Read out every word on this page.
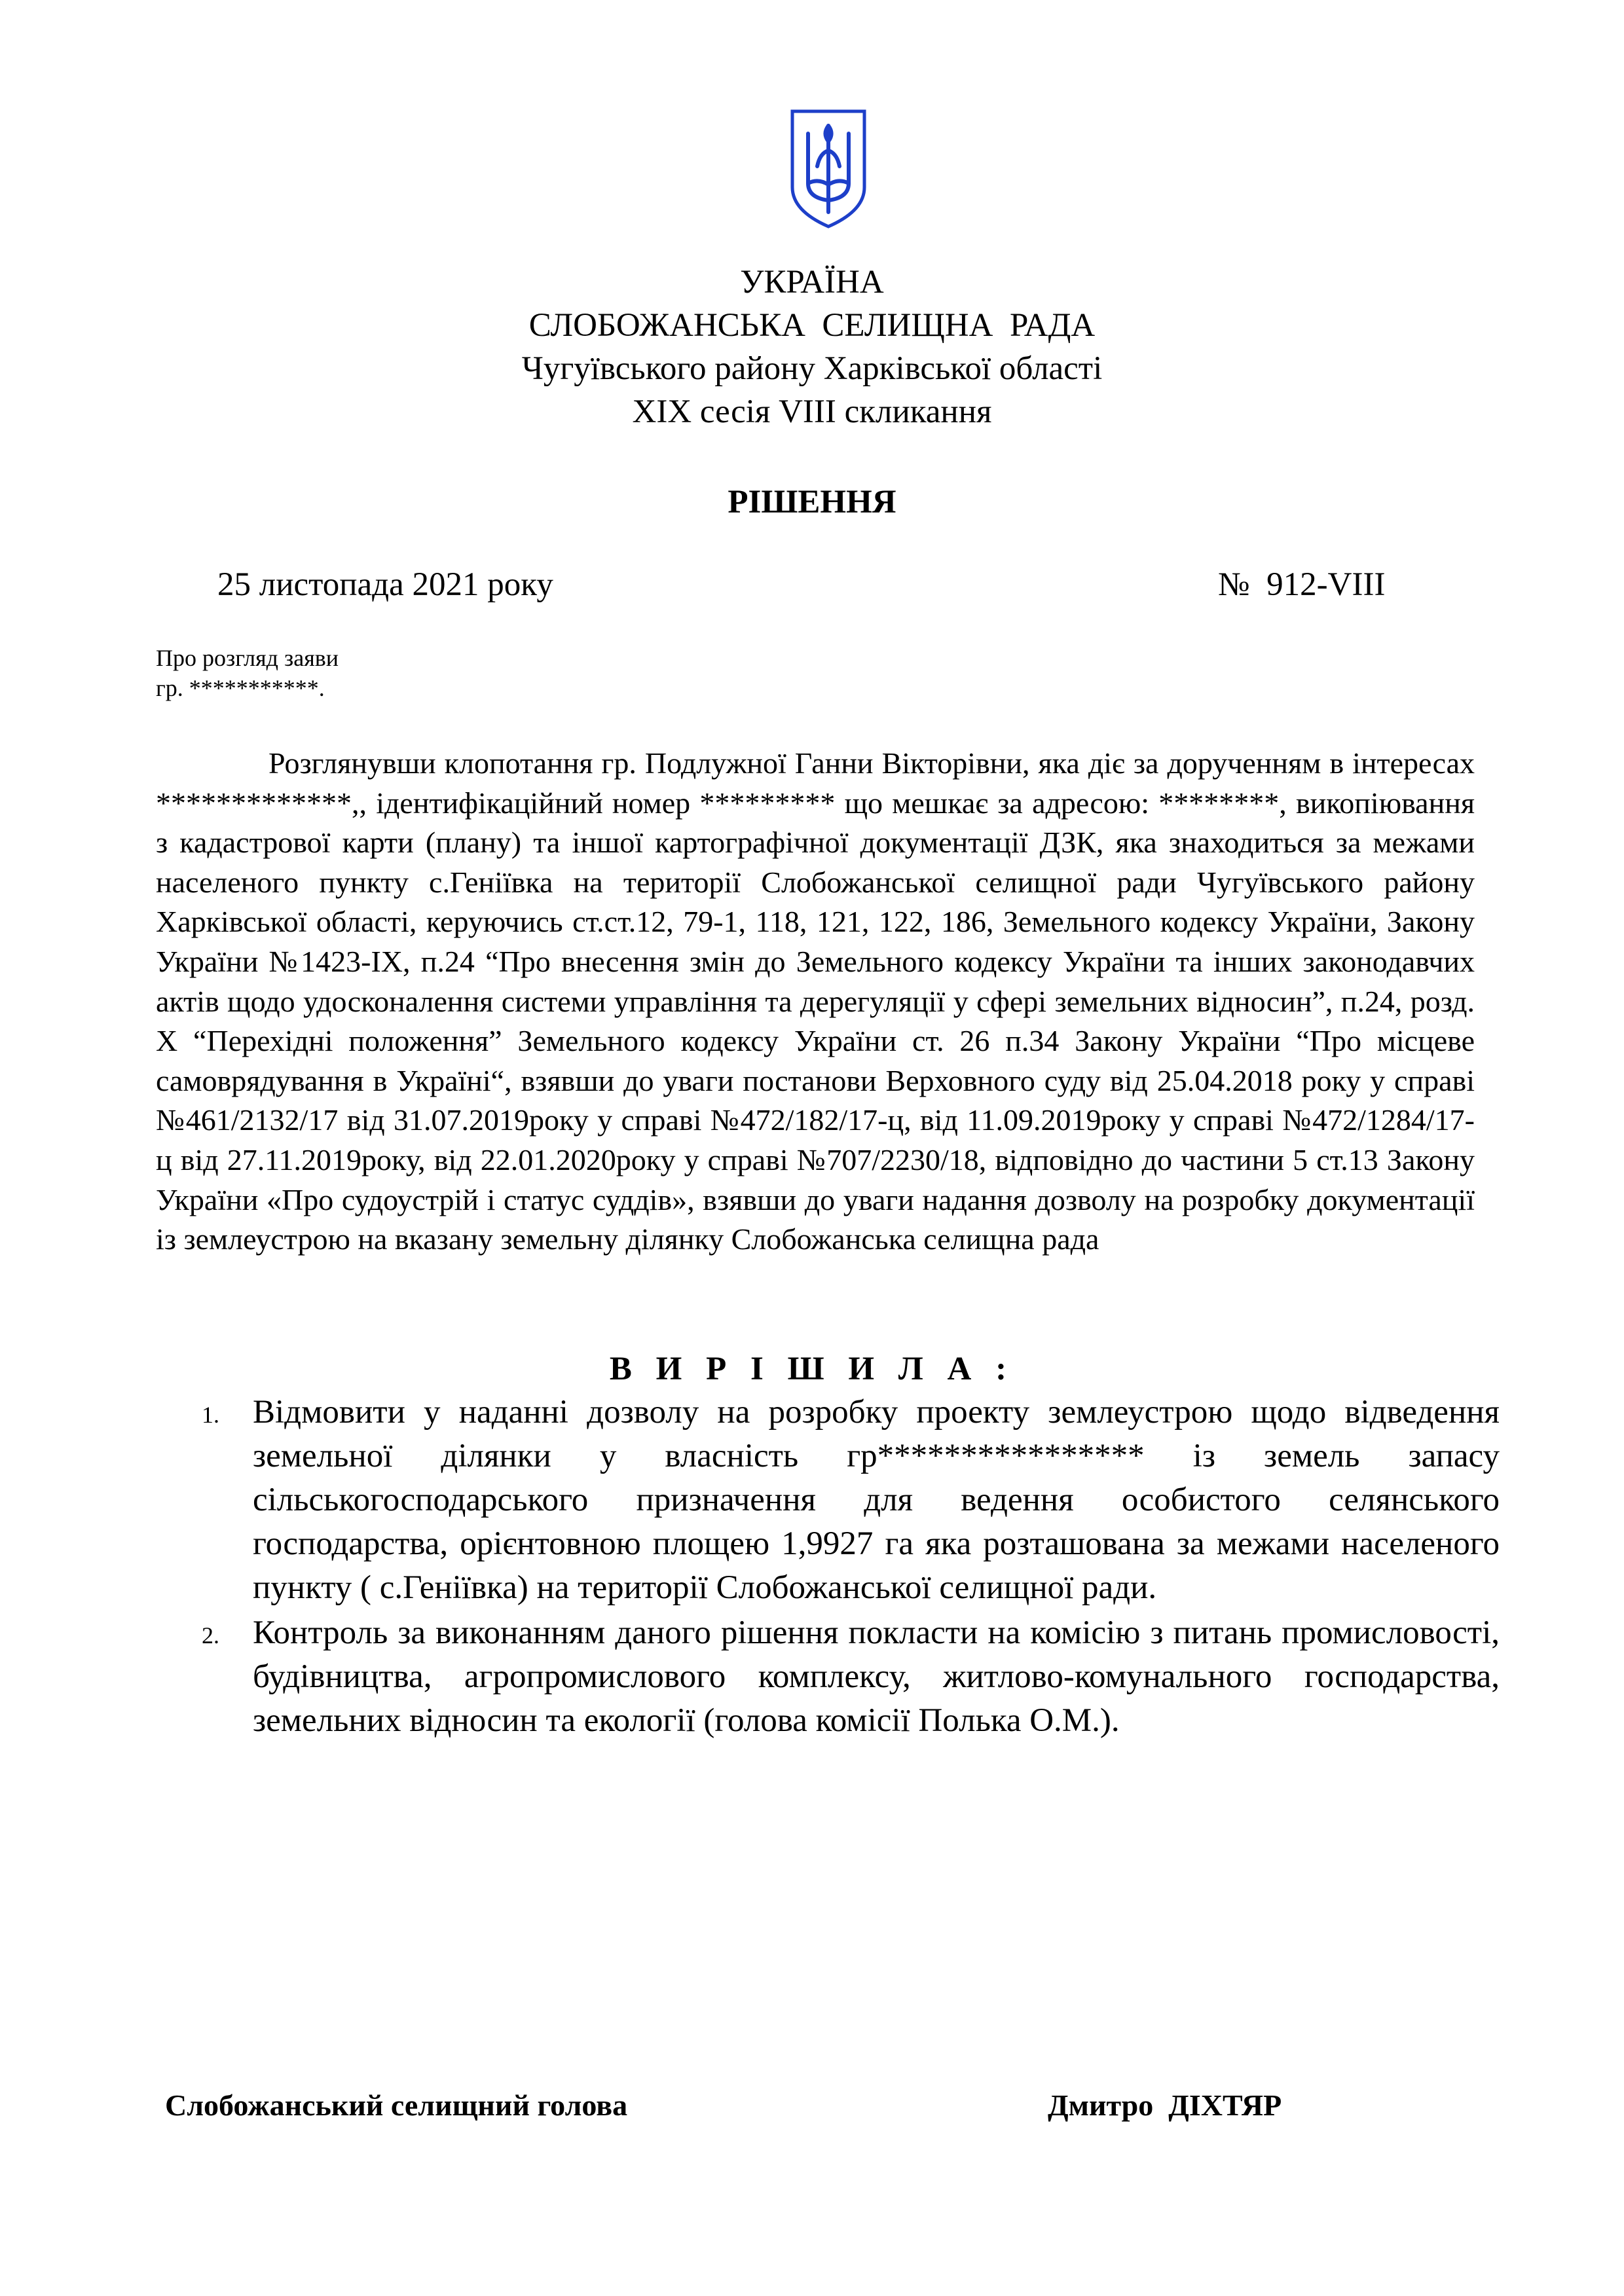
УКРАЇНА
СЛОБОЖАНСЬКА  СЕЛИЩНА  РАДА
Чугуївського району Харківської області
XIX сесія VIII скликання
РІШЕННЯ
25 листопада 2021 року	№  912-VIII
Про розгляд заяви
гр. ***********.

Розглянувши клопотання гр. Подлужної Ганни Вікторівни, яка діє за дорученням в інтересах *************,, ідентифікаційний номер ********* що мешкає за адресою: ********, викопіювання з кадастрової карти (плану) та іншої картографічної документації ДЗК, яка знаходиться за межами населеного пункту с.Геніївка на території Слобожанської селищної ради Чугуївського району Харківської області, керуючись ст.ст.12, 79-1, 118, 121, 122, 186, Земельного кодексу України, Закону України №1423-ІХ, п.24 “Про внесення змін до Земельного кодексу України та інших законодавчих актів щодо удосконалення системи управління та дерегуляції у сфері земельних відносин”, п.24, розд. Х “Перехідні положення” Земельного кодексу України ст. 26 п.34 Закону України “Про місцеве самоврядування в Україні“, взявши до уваги постанови Верховного суду від 25.04.2018 року у справі №461/2132/17 від 31.07.2019року у справі №472/182/17-ц, від 11.09.2019року у справі №472/1284/17-ц від 27.11.2019року, від 22.01.2020року у справі №707/2230/18, відповідно до частини 5 ст.13 Закону України «Про судоустрій і статус суддів», взявши до уваги надання дозволу на розробку документації із землеустрою на вказану земельну ділянку Слобожанська селищна рада

В И Р І Ш И Л А :
1. Відмовити у наданні дозволу на розробку проекту землеустрою щодо відведення земельної ділянки у власність гр**************** із земель запасу сільськогосподарського призначення для ведення особистого селянського господарства, орієнтовною площею 1,9927 га яка розташована за межами населеного пункту ( с.Геніївка) на території Слобожанської селищної ради.
2. Контроль за виконанням даного рішення покласти на комісію з питань промисловості, будівництва, агропромислового комплексу, житлово-комунального господарства, земельних відносин та екології (голова комісії Полька О.М.).
Слобожанський селищний голова	Дмитро  ДІХТЯР
